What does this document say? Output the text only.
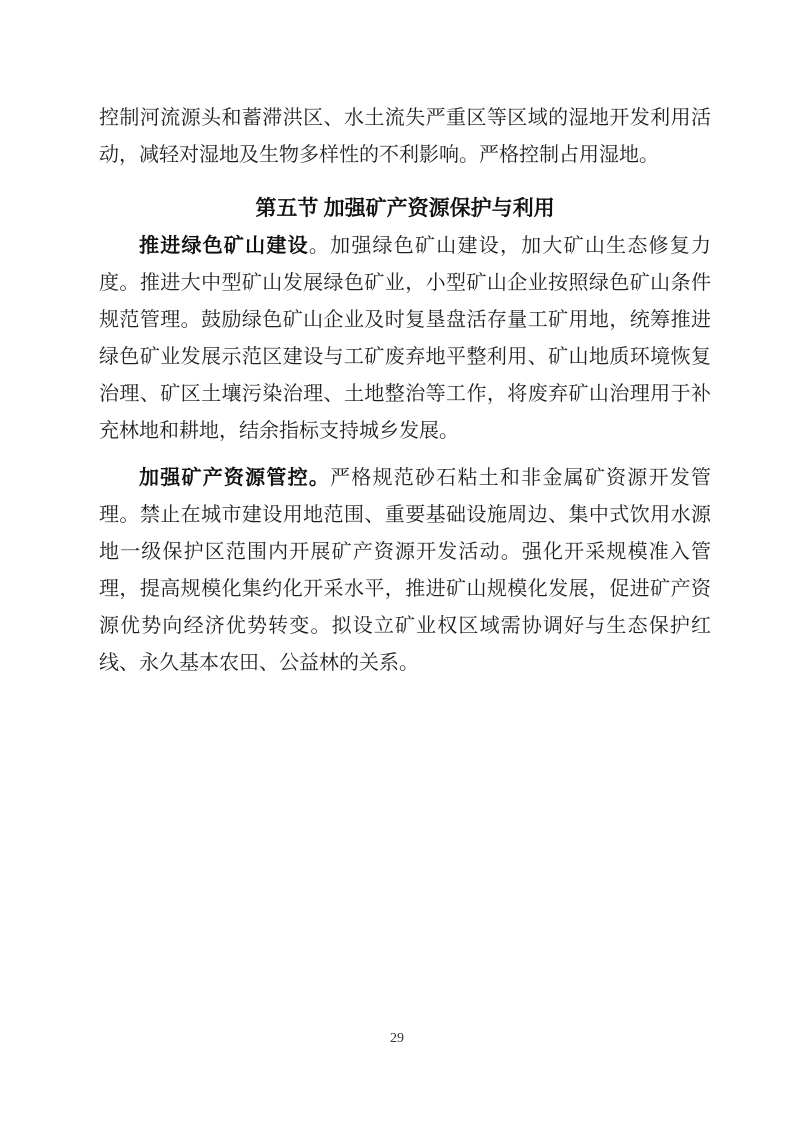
控制河流源头和蓄滞洪区、水土流失严重区等区域的湿地开发利用活动，减轻对湿地及生物多样性的不利影响。严格控制占用湿地。

第五节 加强矿产资源保护与利用

推进绿色矿山建设。加强绿色矿山建设，加大矿山生态修复力度。推进大中型矿山发展绿色矿业，小型矿山企业按照绿色矿山条件规范管理。鼓励绿色矿山企业及时复垦盘活存量工矿用地，统筹推进绿色矿业发展示范区建设与工矿废弃地平整利用、矿山地质环境恢复治理、矿区土壤污染治理、土地整治等工作，将废弃矿山治理用于补充林地和耕地，结余指标支持城乡发展。

加强矿产资源管控。严格规范砂石粘土和非金属矿资源开发管理。禁止在城市建设用地范围、重要基础设施周边、集中式饮用水源地一级保护区范围内开展矿产资源开发活动。强化开采规模准入管理，提高规模化集约化开采水平，推进矿山规模化发展，促进矿产资源优势向经济优势转变。拟设立矿业权区域需协调好与生态保护红线、永久基本农田、公益林的关系。

29
